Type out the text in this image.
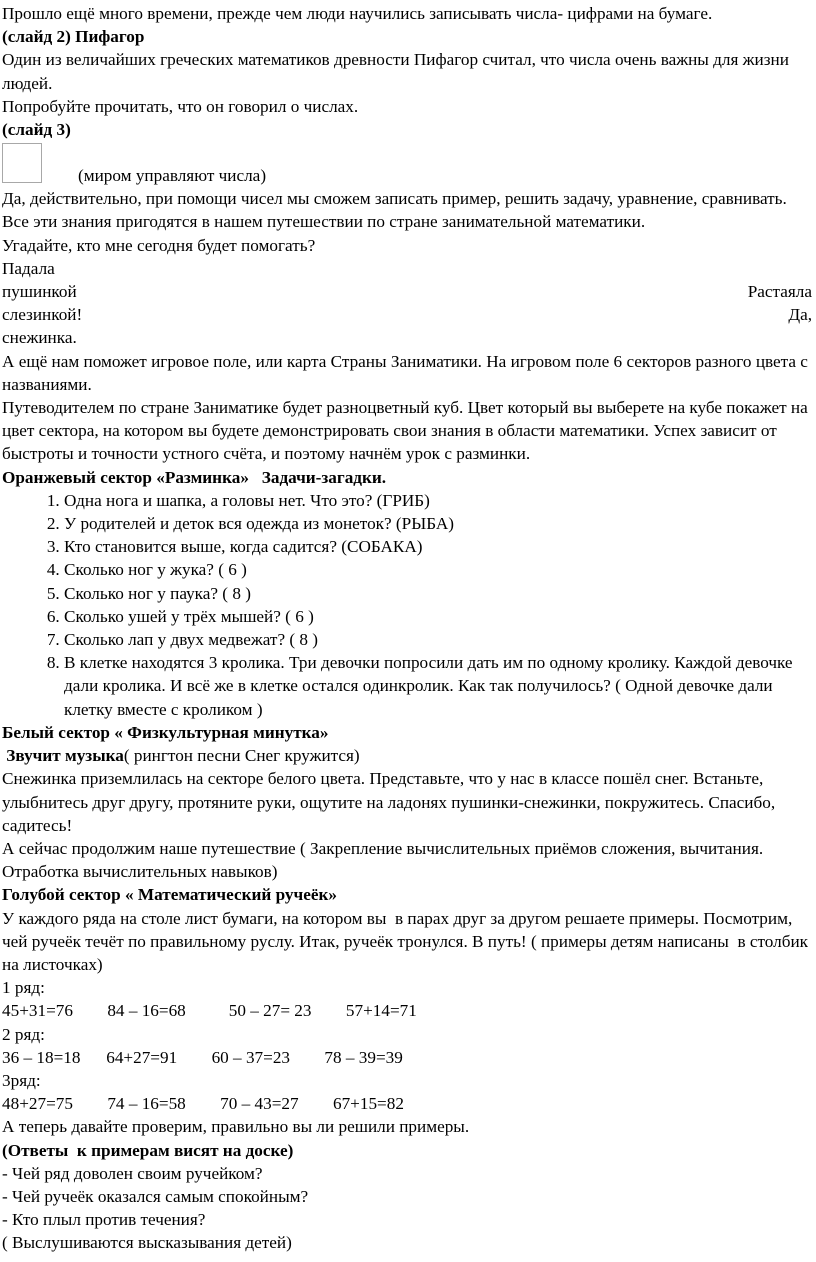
Прошло ещё много времени, прежде чем люди научились записывать числа- цифрами на бумаге.

(слайд 2) Пифагор

Один из величайших греческих математиков древности Пифагор считал, что числа очень важны для жизни людей.

Попробуйте прочитать, что он говорил о числах.

(слайд 3)

(миром управляют числа)

Да, действительно, при помощи чисел мы сможем записать пример, решить задачу, уравнение, сравнивать.

Все эти знания пригодятся в нашем путешествии по стране занимательной математики.

Угадайте, кто мне сегодня будет помогать?

Падала

пушинкой	Растаяла

слезинкой!	Да,

снежинка.

А ещё нам поможет игровое поле, или карта Страны Заниматики. На игровом поле 6 секторов разного цвета с названиями.

Путеводителем по стране Заниматике будет разноцветный куб. Цвет который вы выберете на кубе покажет на цвет сектора, на котором вы будете демонстрировать свои знания в области математики. Успех зависит от быстроты и точности устного счёта, и поэтому начнём урок с разминки.

Оранжевый сектор «Разминка»   Задачи-загадки.

1. Одна нога и шапка, а головы нет. Что это? (ГРИБ)
2. У родителей и деток вся одежда из монеток? (РЫБА)
3. Кто становится выше, когда садится? (СОБАКА)
4. Сколько ног у жука? ( 6 )
5. Сколько ног у паука? ( 8 )
6. Сколько ушей у трёх мышей? ( 6 )
7. Сколько лап у двух медвежат? ( 8 )
8. В клетке находятся 3 кролика. Три девочки попросили дать им по одному кролику. Каждой девочке дали кролика. И всё же в клетке остался одинкролик. Как так получилось? ( Одной девочке дали клетку вместе с кроликом )

Белый сектор « Физкультурная минутка»

Звучит музыка( рингтон песни Снег кружится)

Снежинка приземлилась на секторе белого цвета. Представьте, что у нас в классе пошёл снег. Встаньте, улыбнитесь друг другу, протяните руки, ощутите на ладонях пушинки-снежинки, покружитесь. Спасибо, садитесь!

А сейчас продолжим наше путешествие ( Закрепление вычислительных приёмов сложения, вычитания. Отработка вычислительных навыков)

Голубой сектор « Математический ручеёк»

У каждого ряда на столе лист бумаги, на котором вы  в парах друг за другом решаете примеры. Посмотрим, чей ручеёк течёт по правильному руслу. Итак, ручеёк тронулся. В путь! ( примеры детям написаны  в столбик на листочках)

1 ряд:

45+31=76 84 – 16=68 50 – 27= 23 57+14=71

2 ряд:

36 – 18=18 64+27=91 60 – 37=23 78 – 39=39

3ряд:

48+27=75 74 – 16=58 70 – 43=27 67+15=82

А теперь давайте проверим, правильно вы ли решили примеры.

(Ответы  к примерам висят на доске)

- Чей ряд доволен своим ручейком?

- Чей ручеёк оказался самым спокойным?

- Кто плыл против течения?

( Выслушиваются высказывания детей)
